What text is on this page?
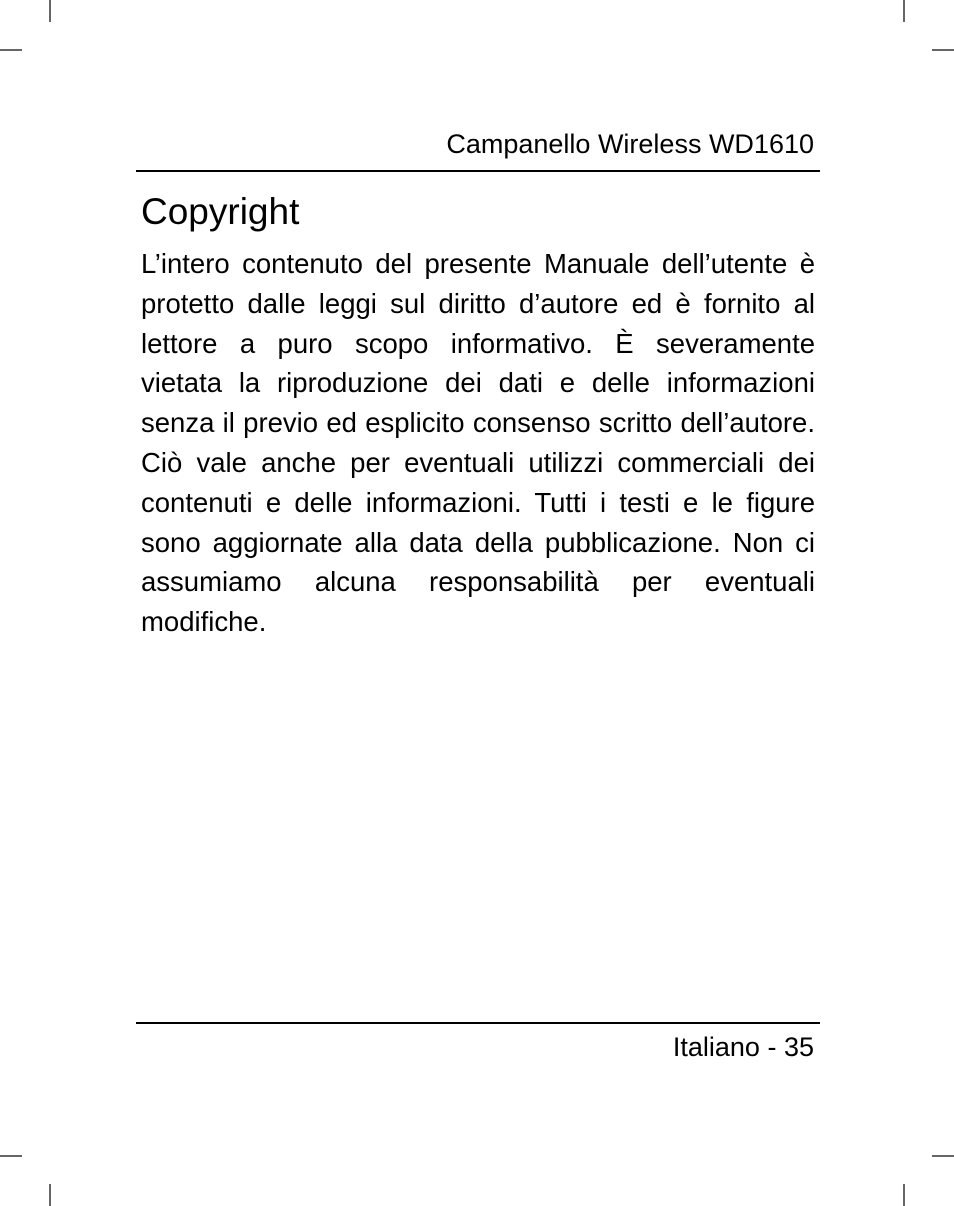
Campanello Wireless WD1610
Copyright

L’intero contenuto del presente Manuale dell’utente è protetto dalle leggi sul diritto d’autore ed è fornito al lettore a puro scopo informativo. È severamente vietata la riproduzione dei dati e delle informazioni senza il previo ed esplicito consenso scritto dell’autore. Ciò vale anche per eventuali utilizzi commerciali dei contenuti e delle informazioni. Tutti i testi e le figure sono aggiornate alla data della pubblicazione. Non ci assumiamo alcuna responsabilità per eventuali modifiche.

Italiano - 35
